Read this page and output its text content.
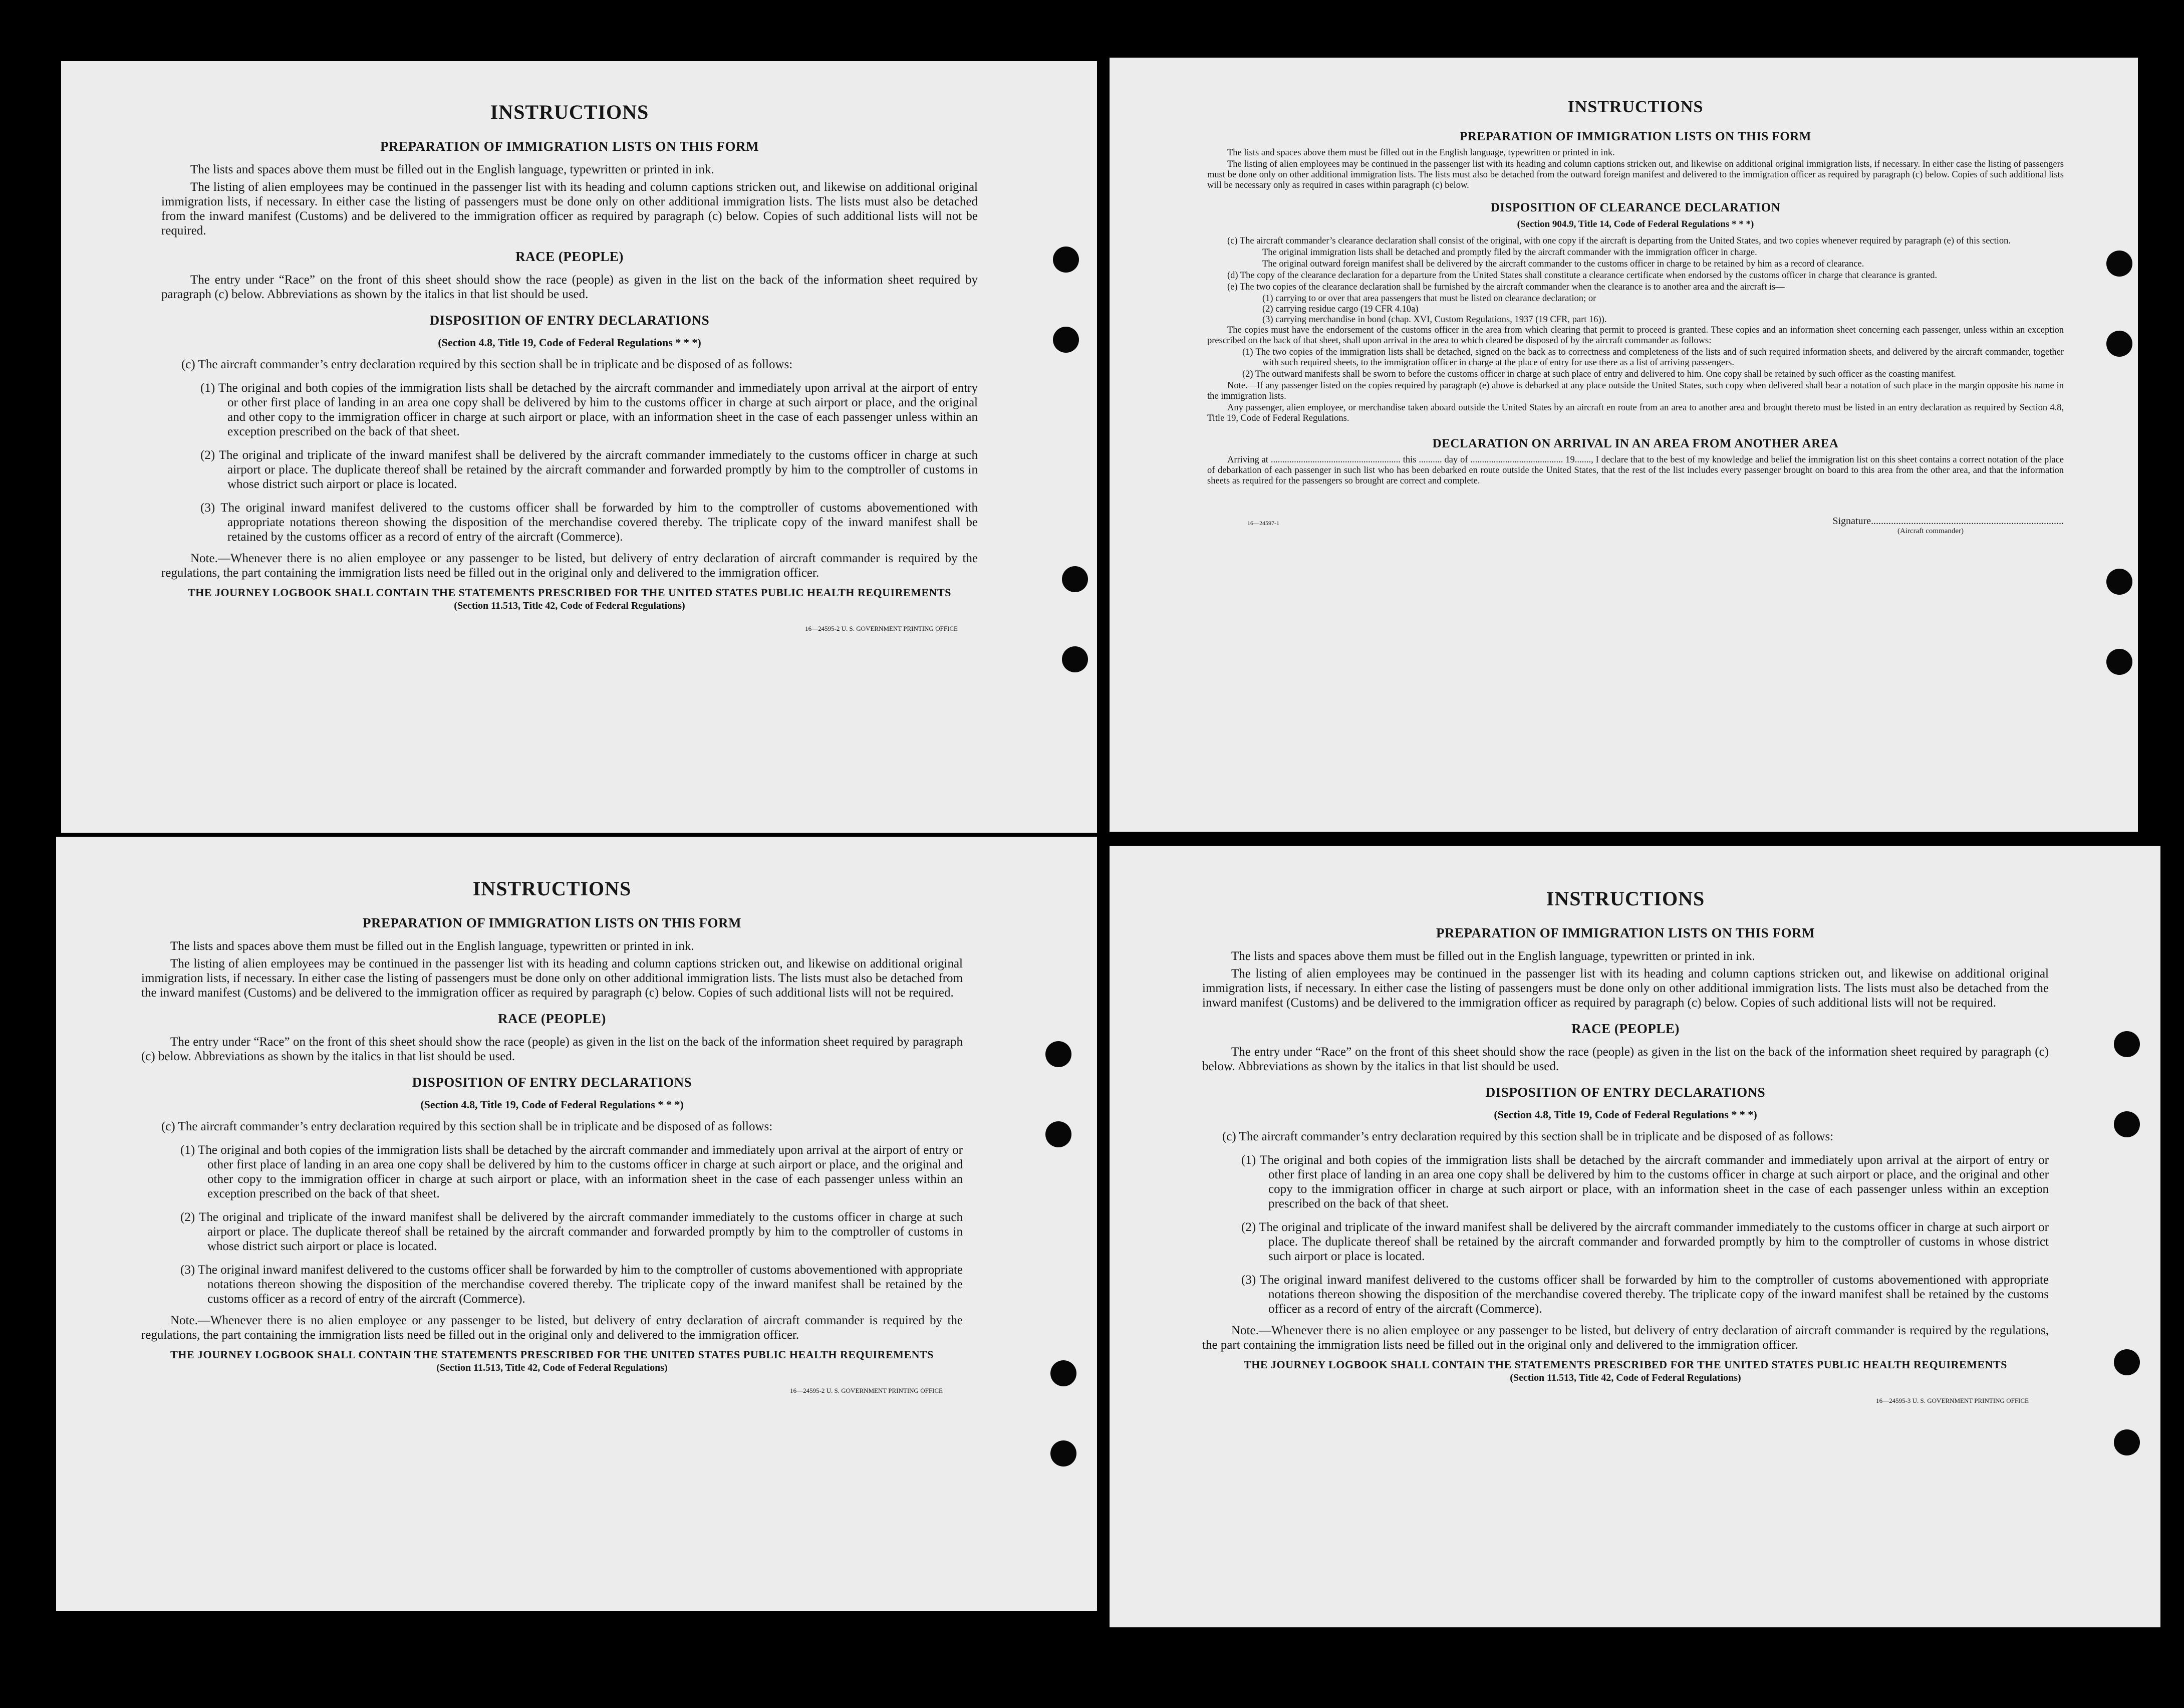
INSTRUCTIONS
PREPARATION OF IMMIGRATION LISTS ON THIS FORM
The lists and spaces above them must be filled out in the English language, typewritten or printed in ink.
The listing of alien employees may be continued in the passenger list with its heading and column captions stricken out, and likewise on additional original immigration lists, if necessary. In either case the listing of passengers must be done only on other additional immigration lists. The lists must also be detached from the inward manifest (Customs) and be delivered to the immigration officer as required by paragraph (c) below. Copies of such additional lists will not be required.
RACE (PEOPLE)
The entry under “Race” on the front of this sheet should show the race (people) as given in the list on the back of the information sheet required by paragraph (c) below. Abbreviations as shown by the italics in that list should be used.
DISPOSITION OF ENTRY DECLARATIONS
(Section 4.8, Title 19, Code of Federal Regulations * * *)
(c) The aircraft commander’s entry declaration required by this section shall be in triplicate and be disposed of as follows:
(1) The original and both copies of the immigration lists shall be detached by the aircraft commander and immediately upon arrival at the airport of entry or other first place of landing in an area one copy shall be delivered by him to the customs officer in charge at such airport or place, and the original and other copy to the immigration officer in charge at such airport or place, with an information sheet in the case of each passenger unless within an exception prescribed on the back of that sheet.
(2) The original and triplicate of the inward manifest shall be delivered by the aircraft commander immediately to the customs officer in charge at such airport or place. The duplicate thereof shall be retained by the aircraft commander and forwarded promptly by him to the comptroller of customs in whose district such airport or place is located.
(3) The original inward manifest delivered to the customs officer shall be forwarded by him to the comptroller of customs abovementioned with appropriate notations thereon showing the disposition of the merchandise covered thereby. The triplicate copy of the inward manifest shall be retained by the customs officer as a record of entry of the aircraft (Commerce).
Note.—Whenever there is no alien employee or any passenger to be listed, but delivery of entry declaration of aircraft commander is required by the regulations, the part containing the immigration lists need be filled out in the original only and delivered to the immigration officer.
THE JOURNEY LOGBOOK SHALL CONTAIN THE STATEMENTS PRESCRIBED FOR THE UNITED STATES PUBLIC HEALTH REQUIREMENTS
(Section 11.513, Title 42, Code of Federal Regulations)
16—24595-2 U. S. GOVERNMENT PRINTING OFFICE
INSTRUCTIONS
PREPARATION OF IMMIGRATION LISTS ON THIS FORM
The lists and spaces above them must be filled out in the English language, typewritten or printed in ink.
The listing of alien employees may be continued in the passenger list with its heading and column captions stricken out, and likewise on additional original immigration lists, if necessary. In either case the listing of passengers must be done only on other additional immigration lists. The lists must also be detached from the outward foreign manifest and delivered to the immigration officer as required by paragraph (c) below. Copies of such additional lists will be necessary only as required in cases within paragraph (c) below.
DISPOSITION OF CLEARANCE DECLARATION
(Section 904.9, Title 14, Code of Federal Regulations * * *)
(c) The aircraft commander’s clearance declaration shall consist of the original, with one copy if the aircraft is departing from the United States, and two copies whenever required by paragraph (e) of this section.
The original immigration lists shall be detached and promptly filed by the aircraft commander with the immigration officer in charge.
The original outward foreign manifest shall be delivered by the aircraft commander to the customs officer in charge to be retained by him as a record of clearance.
(d) The copy of the clearance declaration for a departure from the United States shall constitute a clearance certificate when endorsed by the customs officer in charge that clearance is granted.
(e) The two copies of the clearance declaration shall be furnished by the aircraft commander when the clearance is to another area and the aircraft is—
(1) carrying to or over that area passengers that must be listed on clearance declaration; or
(2) carrying residue cargo (19 CFR 4.10a)
(3) carrying merchandise in bond (chap. XVI, Custom Regulations, 1937 (19 CFR, part 16)).
The copies must have the endorsement of the customs officer in the area from which clearing that permit to proceed is granted. These copies and an information sheet concerning each passenger, unless within an exception prescribed on the back of that sheet, shall upon arrival in the area to which cleared be disposed of by the aircraft commander as follows:
(1) The two copies of the immigration lists shall be detached, signed on the back as to correctness and completeness of the lists and of such required information sheets, and delivered by the aircraft commander, together with such required sheets, to the immigration officer in charge at the place of entry for use there as a list of arriving passengers.
(2) The outward manifests shall be sworn to before the customs officer in charge at such place of entry and delivered to him. One copy shall be retained by such officer as the coasting manifest.
Note.—If any passenger listed on the copies required by paragraph (e) above is debarked at any place outside the United States, such copy when delivered shall bear a notation of such place in the margin opposite his name in the immigration lists.
Any passenger, alien employee, or merchandise taken aboard outside the United States by an aircraft en route from an area to another area and brought thereto must be listed in an entry declaration as required by Section 4.8, Title 19, Code of Federal Regulations.
DECLARATION ON ARRIVAL IN AN AREA FROM ANOTHER AREA
Arriving at ........................................................ this .......... day of ........................................ 19......., I declare that to the best of my knowledge and belief the immigration list on this sheet contains a correct notation of the place of debarkation of each passenger in such list who has been debarked en route outside the United States, that the rest of the list includes every passenger brought on board to this area from the other area, and that the information sheets as required for the passengers so brought are correct and complete.
16—24597-1	Signature.............................................................................
(Aircraft commander)
INSTRUCTIONS
PREPARATION OF IMMIGRATION LISTS ON THIS FORM
The lists and spaces above them must be filled out in the English language, typewritten or printed in ink.
The listing of alien employees may be continued in the passenger list with its heading and column captions stricken out, and likewise on additional original immigration lists, if necessary. In either case the listing of passengers must be done only on other additional immigration lists. The lists must also be detached from the inward manifest (Customs) and be delivered to the immigration officer as required by paragraph (c) below. Copies of such additional lists will not be required.
RACE (PEOPLE)
The entry under “Race” on the front of this sheet should show the race (people) as given in the list on the back of the information sheet required by paragraph (c) below. Abbreviations as shown by the italics in that list should be used.
DISPOSITION OF ENTRY DECLARATIONS
(Section 4.8, Title 19, Code of Federal Regulations * * *)
(c) The aircraft commander’s entry declaration required by this section shall be in triplicate and be disposed of as follows:
(1) The original and both copies of the immigration lists shall be detached by the aircraft commander and immediately upon arrival at the airport of entry or other first place of landing in an area one copy shall be delivered by him to the customs officer in charge at such airport or place, and the original and other copy to the immigration officer in charge at such airport or place, with an information sheet in the case of each passenger unless within an exception prescribed on the back of that sheet.
(2) The original and triplicate of the inward manifest shall be delivered by the aircraft commander immediately to the customs officer in charge at such airport or place. The duplicate thereof shall be retained by the aircraft commander and forwarded promptly by him to the comptroller of customs in whose district such airport or place is located.
(3) The original inward manifest delivered to the customs officer shall be forwarded by him to the comptroller of customs abovementioned with appropriate notations thereon showing the disposition of the merchandise covered thereby. The triplicate copy of the inward manifest shall be retained by the customs officer as a record of entry of the aircraft (Commerce).
Note.—Whenever there is no alien employee or any passenger to be listed, but delivery of entry declaration of aircraft commander is required by the regulations, the part containing the immigration lists need be filled out in the original only and delivered to the immigration officer.
THE JOURNEY LOGBOOK SHALL CONTAIN THE STATEMENTS PRESCRIBED FOR THE UNITED STATES PUBLIC HEALTH REQUIREMENTS
(Section 11.513, Title 42, Code of Federal Regulations)
16—24595-2 U. S. GOVERNMENT PRINTING OFFICE
INSTRUCTIONS
PREPARATION OF IMMIGRATION LISTS ON THIS FORM
The lists and spaces above them must be filled out in the English language, typewritten or printed in ink.
The listing of alien employees may be continued in the passenger list with its heading and column captions stricken out, and likewise on additional original immigration lists, if necessary. In either case the listing of passengers must be done only on other additional immigration lists. The lists must also be detached from the inward manifest (Customs) and be delivered to the immigration officer as required by paragraph (c) below. Copies of such additional lists will not be required.
RACE (PEOPLE)
The entry under “Race” on the front of this sheet should show the race (people) as given in the list on the back of the information sheet required by paragraph (c) below. Abbreviations as shown by the italics in that list should be used.
DISPOSITION OF ENTRY DECLARATIONS
(Section 4.8, Title 19, Code of Federal Regulations * * *)
(c) The aircraft commander’s entry declaration required by this section shall be in triplicate and be disposed of as follows:
(1) The original and both copies of the immigration lists shall be detached by the aircraft commander and immediately upon arrival at the airport of entry or other first place of landing in an area one copy shall be delivered by him to the customs officer in charge at such airport or place, and the original and other copy to the immigration officer in charge at such airport or place, with an information sheet in the case of each passenger unless within an exception prescribed on the back of that sheet.
(2) The original and triplicate of the inward manifest shall be delivered by the aircraft commander immediately to the customs officer in charge at such airport or place. The duplicate thereof shall be retained by the aircraft commander and forwarded promptly by him to the comptroller of customs in whose district such airport or place is located.
(3) The original inward manifest delivered to the customs officer shall be forwarded by him to the comptroller of customs abovementioned with appropriate notations thereon showing the disposition of the merchandise covered thereby. The triplicate copy of the inward manifest shall be retained by the customs officer as a record of entry of the aircraft (Commerce).
Note.—Whenever there is no alien employee or any passenger to be listed, but delivery of entry declaration of aircraft commander is required by the regulations, the part containing the immigration lists need be filled out in the original only and delivered to the immigration officer.
THE JOURNEY LOGBOOK SHALL CONTAIN THE STATEMENTS PRESCRIBED FOR THE UNITED STATES PUBLIC HEALTH REQUIREMENTS
(Section 11.513, Title 42, Code of Federal Regulations)
16—24595-3 U. S. GOVERNMENT PRINTING OFFICE
